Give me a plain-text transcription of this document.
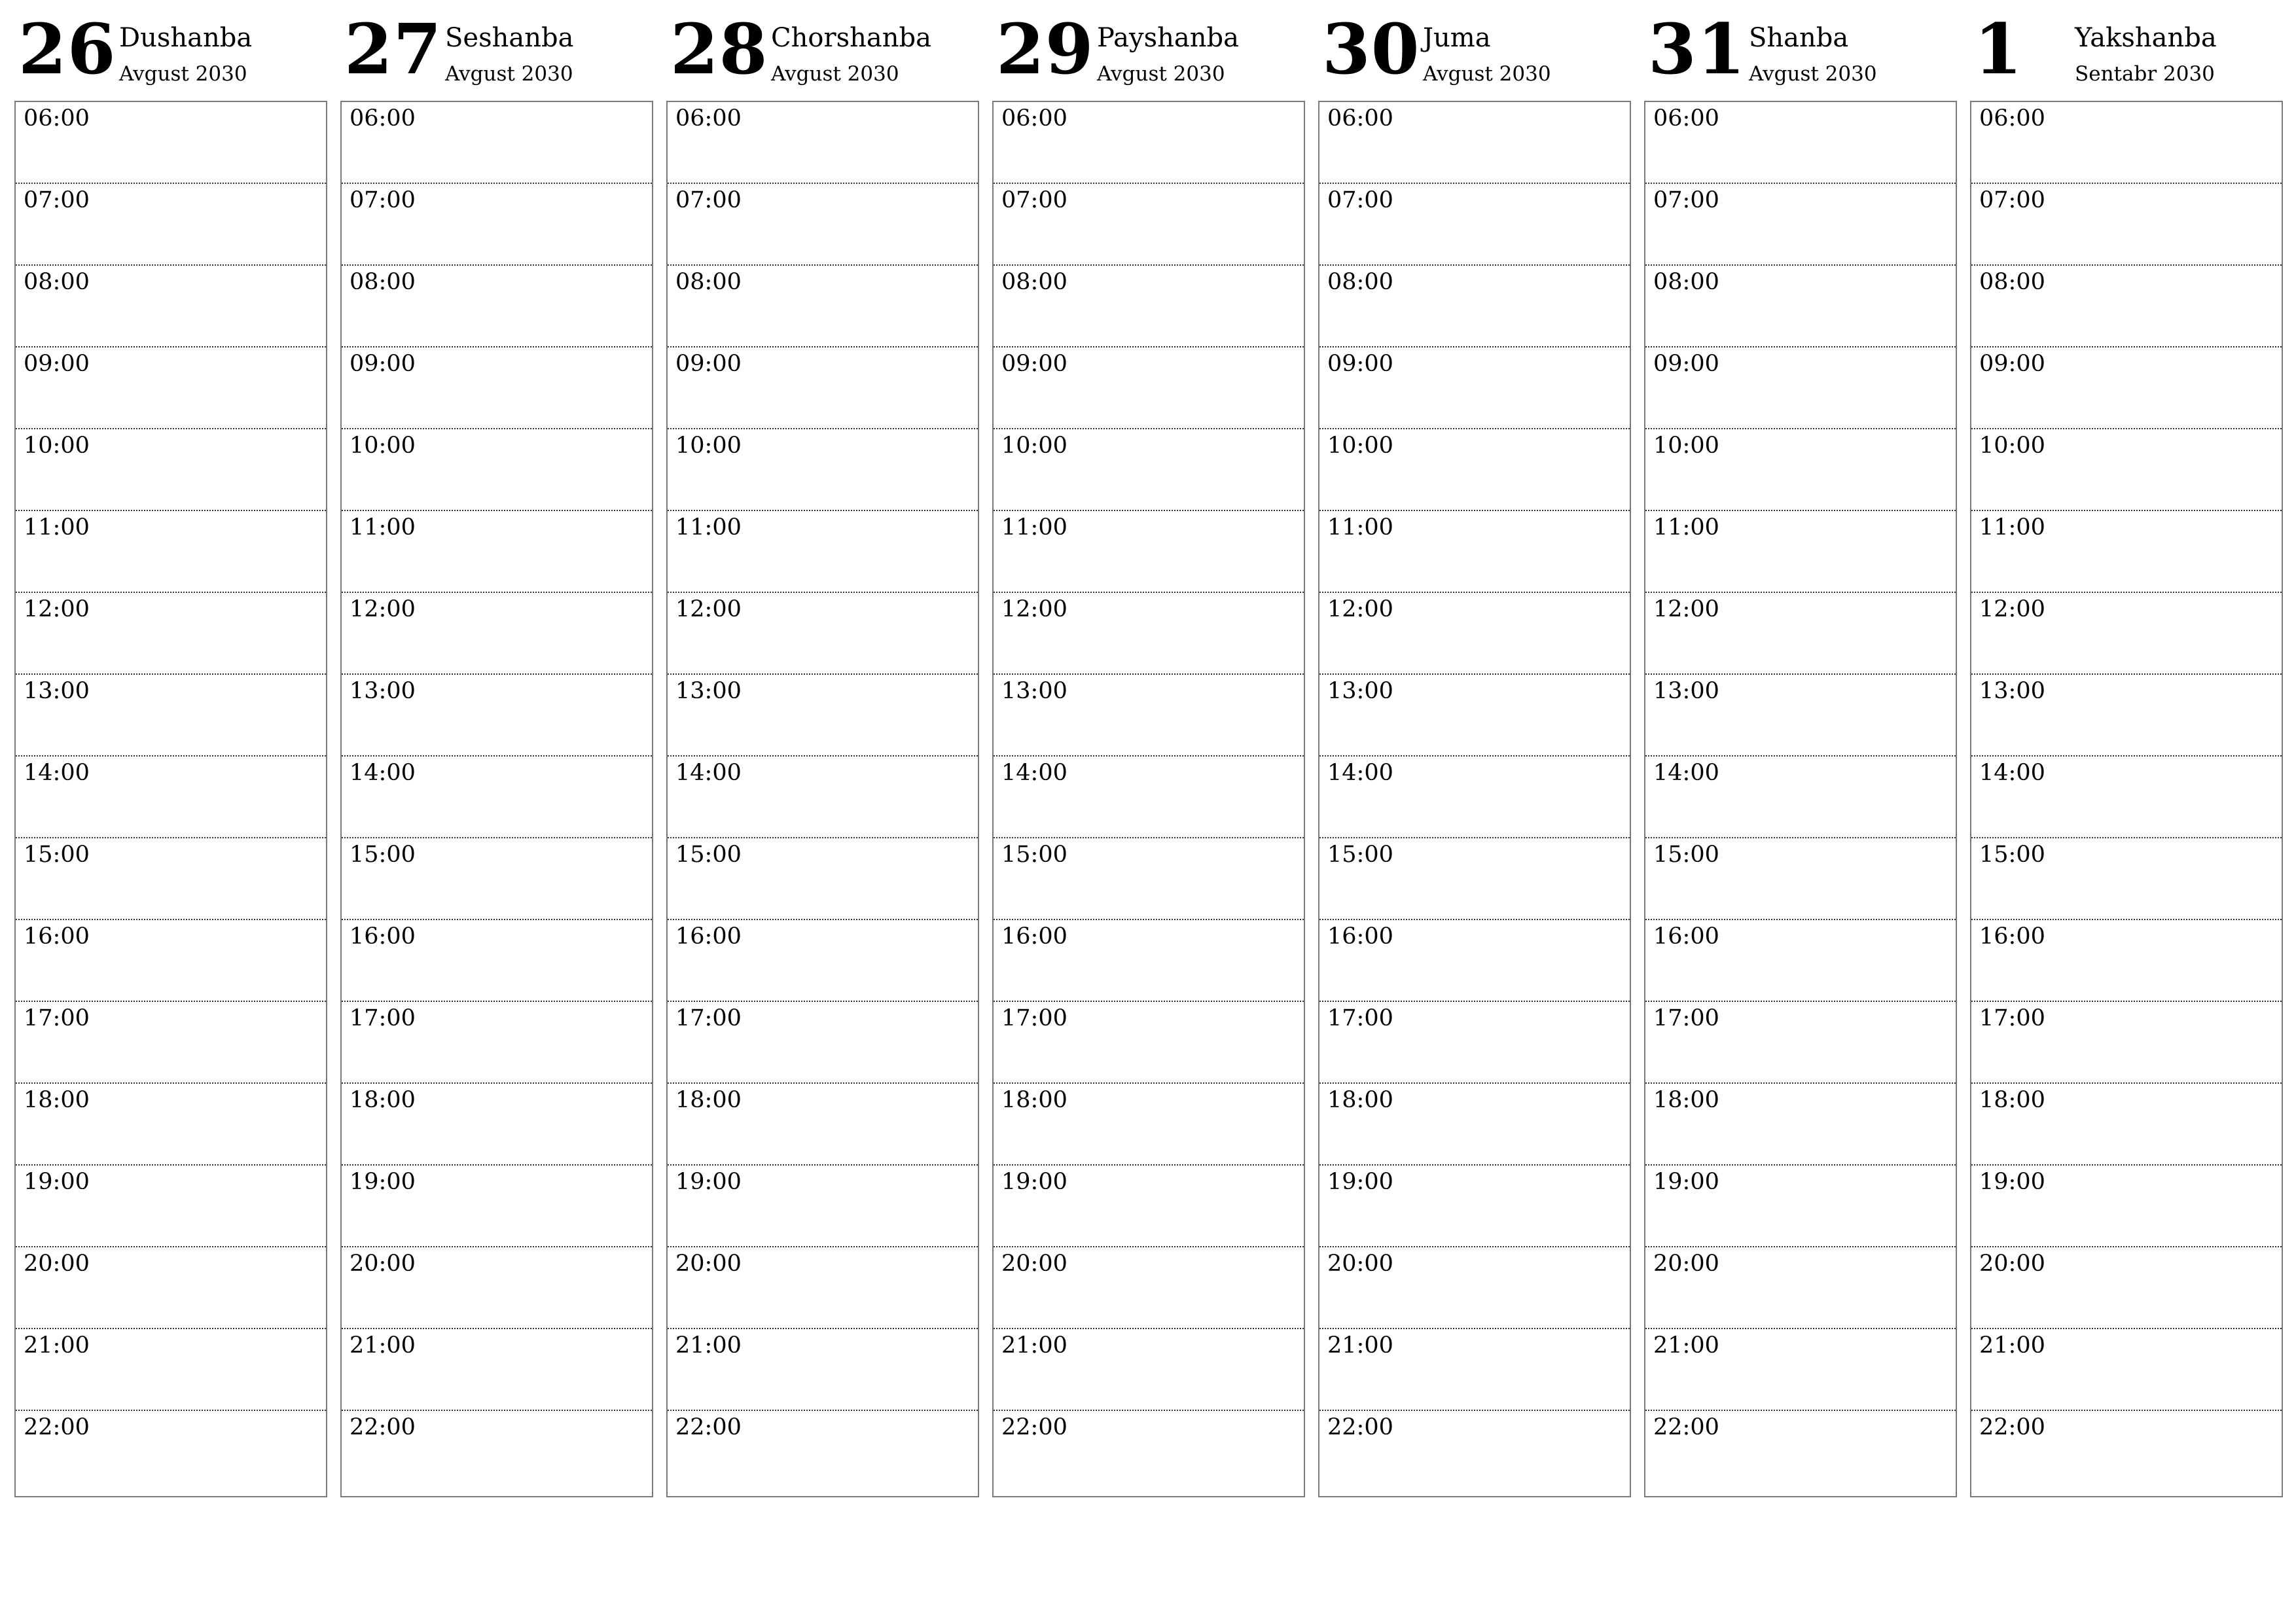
26 Dushanba
Avgust 2030
06:00
07:00
08:00
09:00
10:00
11:00
12:00
13:00
14:00
15:00
16:00
17:00
18:00
19:00
20:00
21:00
22:00
27 Seshanba
Avgust 2030
06:00
07:00
08:00
09:00
10:00
11:00
12:00
13:00
14:00
15:00
16:00
17:00
18:00
19:00
20:00
21:00
22:00
28 Chorshanba
Avgust 2030
06:00
07:00
08:00
09:00
10:00
11:00
12:00
13:00
14:00
15:00
16:00
17:00
18:00
19:00
20:00
21:00
22:00
29 Payshanba
Avgust 2030
06:00
07:00
08:00
09:00
10:00
11:00
12:00
13:00
14:00
15:00
16:00
17:00
18:00
19:00
20:00
21:00
22:00
30 Juma
Avgust 2030
06:00
07:00
08:00
09:00
10:00
11:00
12:00
13:00
14:00
15:00
16:00
17:00
18:00
19:00
20:00
21:00
22:00
31 Shanba
Avgust 2030
06:00
07:00
08:00
09:00
10:00
11:00
12:00
13:00
14:00
15:00
16:00
17:00
18:00
19:00
20:00
21:00
22:00
1 Yakshanba
Sentabr 2030
06:00
07:00
08:00
09:00
10:00
11:00
12:00
13:00
14:00
15:00
16:00
17:00
18:00
19:00
20:00
21:00
22:00
